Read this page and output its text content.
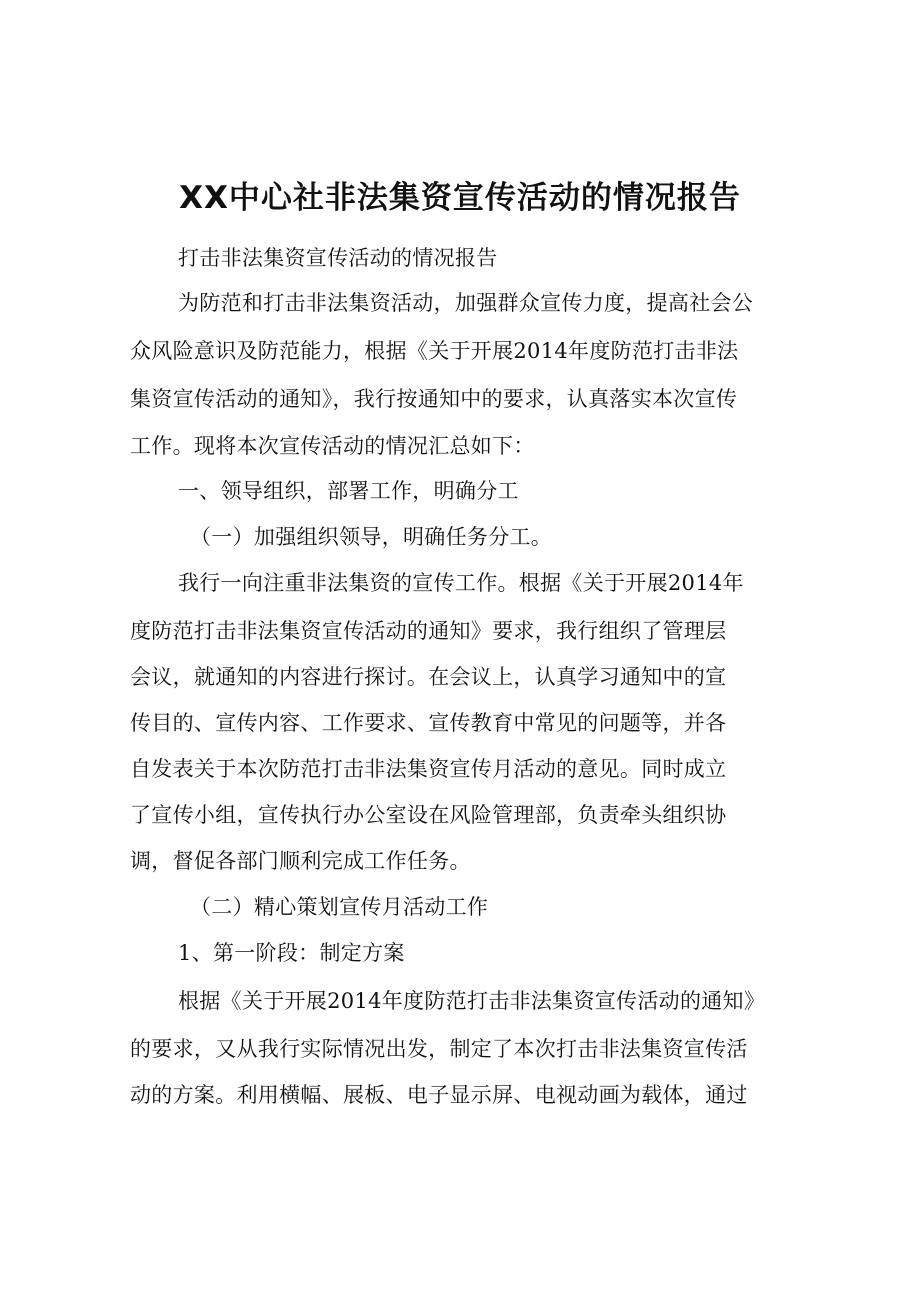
XX中心社非法集资宣传活动的情况报告
打击非法集资宣传活动的情况报告
为防范和打击非法集资活动，加强群众宣传力度，提高社会公
众风险意识及防范能力，根据《关于开展2014年度防范打击非法
集资宣传活动的通知》，我行按通知中的要求，认真落实本次宣传
工作。现将本次宣传活动的情况汇总如下：
一、领导组织，部署工作，明确分工
（一）加强组织领导，明确任务分工。
我行一向注重非法集资的宣传工作。根据《关于开展2014年
度防范打击非法集资宣传活动的通知》要求，我行组织了管理层
会议，就通知的内容进行探讨。在会议上，认真学习通知中的宣
传目的、宣传内容、工作要求、宣传教育中常见的问题等，并各
自发表关于本次防范打击非法集资宣传月活动的意见。同时成立
了宣传小组，宣传执行办公室设在风险管理部，负责牵头组织协
调，督促各部门顺利完成工作任务。
（二）精心策划宣传月活动工作
1、第一阶段：制定方案
根据《关于开展2014年度防范打击非法集资宣传活动的通知》
的要求，又从我行实际情况出发，制定了本次打击非法集资宣传活
动的方案。利用横幅、展板、电子显示屏、电视动画为载体，通过
